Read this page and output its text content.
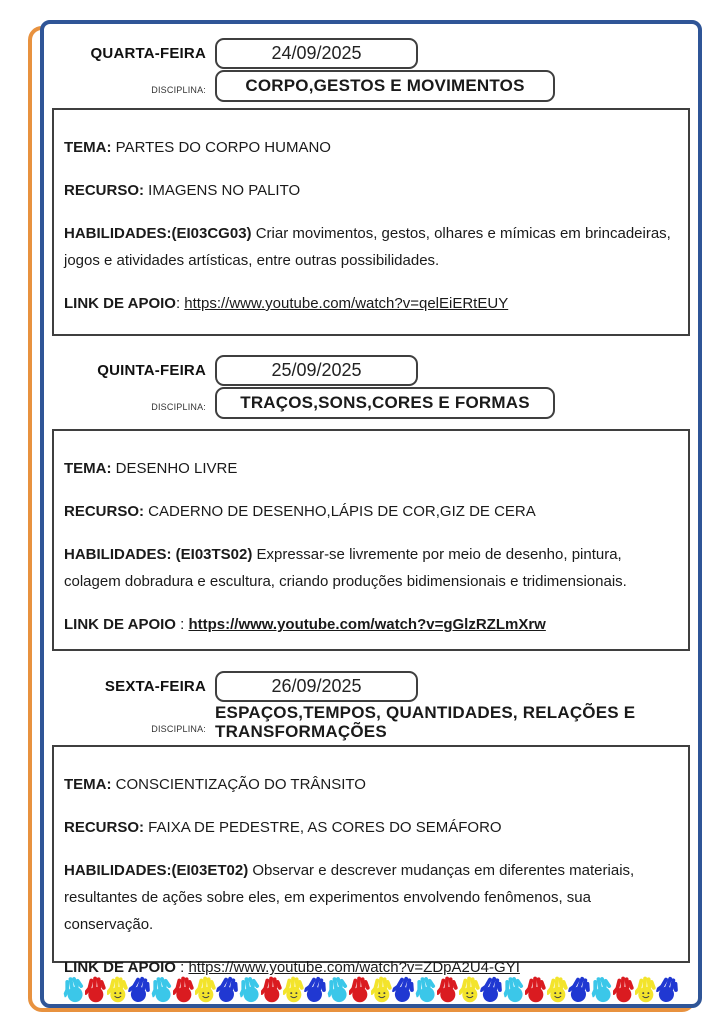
QUARTA-FEIRA	24/09/2025
DISCIPLINA:	CORPO,GESTOS E MOVIMENTOS

TEMA: PARTES DO CORPO HUMANO

RECURSO: IMAGENS NO PALITO

HABILIDADES:(EI03CG03) Criar movimentos, gestos, olhares e mímicas em brincadeiras, jogos e atividades artísticas, entre outras possibilidades.

LINK DE APOIO: https://www.youtube.com/watch?v=qelEiERtEUY

QUINTA-FEIRA	25/09/2025
DISCIPLINA:	TRAÇOS,SONS,CORES E FORMAS

TEMA: DESENHO LIVRE

RECURSO: CADERNO DE DESENHO,LÁPIS DE COR,GIZ DE CERA

HABILIDADES: (EI03TS02) Expressar-se livremente por meio de desenho, pintura, colagem dobradura e escultura, criando produções bidimensionais e tridimensionais.

LINK DE APOIO : https://www.youtube.com/watch?v=gGlzRZLmXrw

SEXTA-FEIRA	26/09/2025
DISCIPLINA:
ESPAÇOS,TEMPOS, QUANTIDADES, RELAÇÕES E TRANSFORMAÇÕES

TEMA: CONSCIENTIZAÇÃO DO TRÂNSITO

RECURSO: FAIXA DE PEDESTRE, AS CORES DO SEMÁFORO

HABILIDADES:(EI03ET02) Observar e descrever mudanças em diferentes materiais, resultantes de ações sobre eles, em experimentos envolvendo fenômenos, sua conservação.

LINK DE APOIO : https://www.youtube.com/watch?v=ZDpA2U4-GYI
